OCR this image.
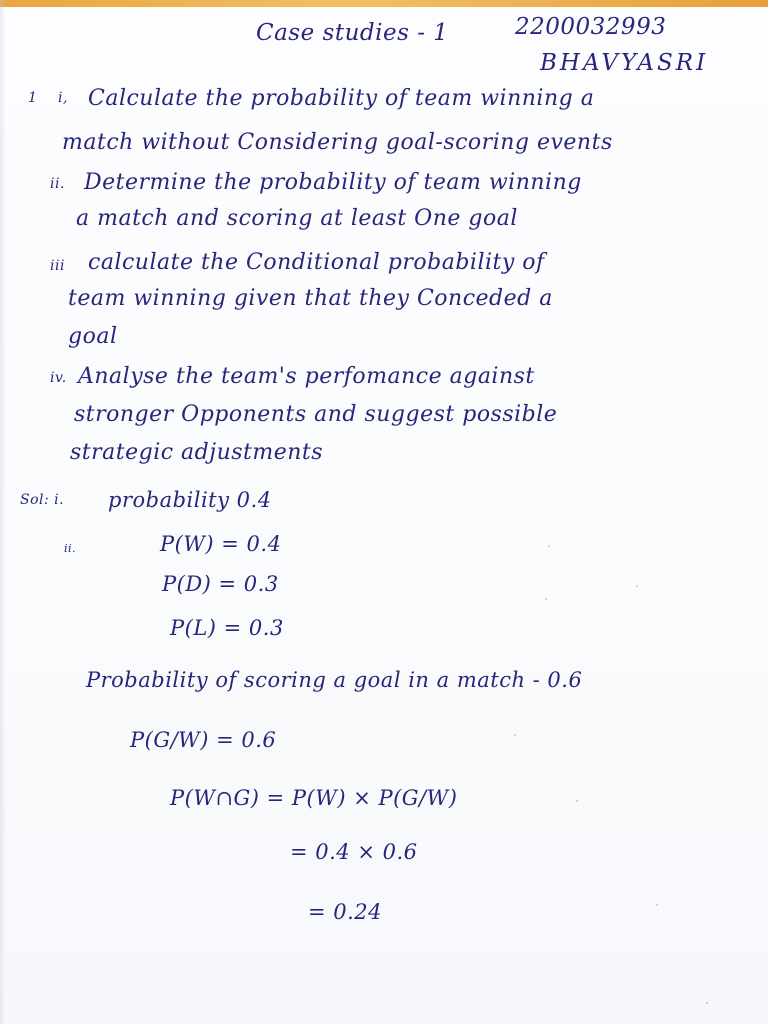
Case studies - 1	2200032993
BHAVYASRI
1 i, Calculate the probability of team winning a
match without Considering goal-scoring events
ii. Determine the probability of team winning
a match and scoring at least One goal
iii calculate the Conditional probability of
team winning given that they Conceded a
goal
iv. Analyse the team's perfomance against
stronger Opponents and suggest possible
strategic adjustments
Sol: i. probability 0.4
ii.	P(W) = 0.4
P(D) = 0.3
P(L) = 0.3
Probability of scoring a goal in a match - 0.6
P(G/W) = 0.6
P(W∩G) = P(W) × P(G/W)
= 0.4 × 0.6
= 0.24
